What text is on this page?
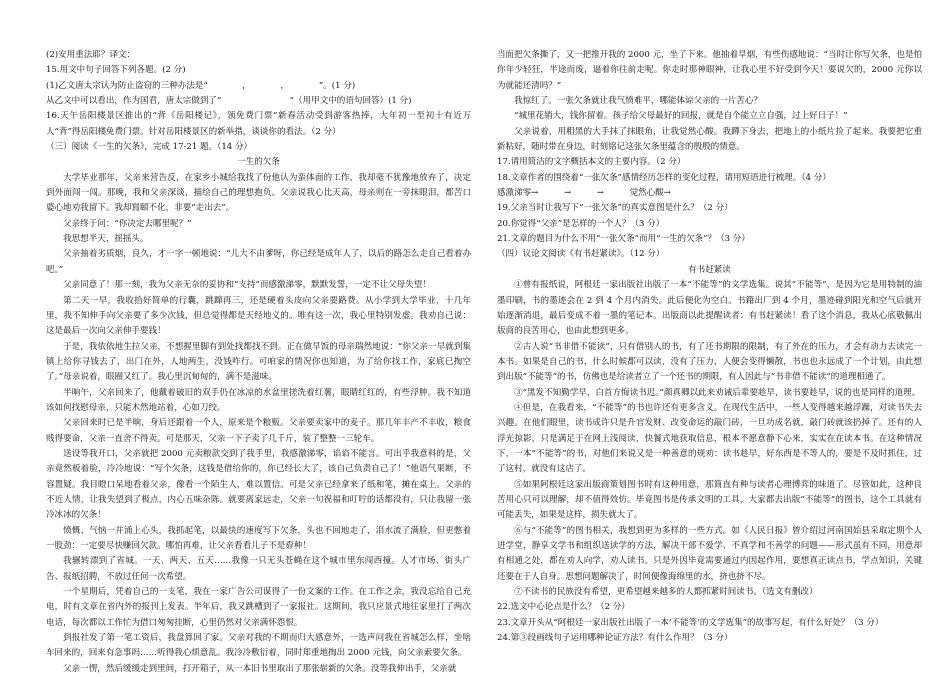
(2)安用重法耶？译文：

15.用文中句子回答下列各题。(2 分)

(1)乙文唐太宗认为防止盗窃的三种办法是“　　　　，　　　　，　　　　”。(1 分)

从乙文中可以看出，作为国君，唐太宗做到了“　　　　　　　　”（用甲文中的语句回答）(1 分)

16.天午岳阳楼景区推出的“背《岳阳楼记》，领免费门票”新春活动受到游客热捧，大年初一至初十有近万人“背”得岳阳楼免费门票。针对岳阳楼景区的新举措，谈谈你的看法。（2 分）

（三）阅读《一生的欠条》，完成 17-21 题。（14 分）

一生的欠条

大学毕业那年，父亲来营告反，在家乡小城给我找了份他认为蛮体面的工作，我却毫不犹豫地放弃了，决定到外面闯一闯。那晚，我和父亲深谈，描绘自己的理想抱负。父亲说我心比天高，母亲则在一旁抹眼泪，都苦口婆心地劝我留下。我却寫頤不化，非要“走出去”。

父亲终于问：“你决定去哪里呢？”

我思想半天，摇摇头。

父亲抽着劣质烟，良久，才一字一顿地说：“儿大不由爹呀，你已经是成年人了，以后的路怎么走自己看着办吧。”

父亲同意了！那一刻，我为父亲无奈的妥协和“支持”而感激涕零，默默发誓，一定不让父母失望！

第二天一早，我收拾好简单的行囊，跳蹿再三，还是硬着头皮向父亲要路费。从小学到大学毕业，十几年里，我不知伸手向父亲要了多少次钱，但总觉得都是天经地义的。唯有这一次，我心里特别发虚。我劝自己说：这是最后一次向父亲伸手要钱！

于是，我依依地生拉父亲，不想握里脚有到处找都找不到。正在做早饭的母亲瑞然地说：“你父亲一早就到集镇上给你寻钱去了，出门在外，人地两生，没钱咋行。可咱家的情况你也知道，为了给你找工作，家底已掏空了。”母亲说着，眼圈又红了。我心里沉甸甸的，满不是滋味。

半晌午，父亲回来了，他戴着破旧的双手仍在冰凉的水盆里搓洗着红薯，眼睛红红的，有些浮肿。我不知道该如何找慰母亲，只能木然地站着，心如刀绞。

父亲回来时已是半晌，身后还跟着一个人，原来是个粮贩。父亲要卖家中的麦子。那几年丰产不丰收，粮食贱得要命，父亲一直舍不得卖。可是那天，父亲一下子卖了几千斤，装了整整一三轮车。

送设等我开口，父亲就把 2000 元卖粮款交到了我手里，我感激涕零，谄谄不能言。可出乎我意料的是，父亲竟然板着脸，冷冷地说：“写个欠条，这钱是借给你的，你已经长大了，该自己负责自己了！”他语气果断，不容置疑。我目瞪口呆地看着父亲，像看一个陌生人，难以置信。可是父亲已经拿来了纸和笔，摊在桌上。父亲的不近人情，让我失望到了极点，内心五味杂陈。就要离家远走，父亲一句祝福和叮咛的话都没有，只让我留一张冷冰冰的欠条！

愤慨、气恼一并涌上心头，我抓起笔，以最快的速度写下欠条，头也不回地走了，泪水流了满脸，但更憋着一股劲：一定要尽快赚回欠款。哪怕再难，让父亲看看儿子不是孬种！

我辗转漂到了省城。一天、两天、五天……我像一只无头苍蝇在这个城市里东闯西撞。人才市场、街头广告、报纸招聘，不放过任何一次希望。

一个星期后，凭着自己的一支笔，我在一家广告公司谋得了一份文案的工作。在工作之余，我没忘给自己充电，时有文章在省内外的报刊上发表。半年后，我又跳槽到了一家报社。这期间，我只应景式地往家里打了两次电话，每次都以工作忙为借口匆匆挂断，心里仍然对父亲满怀怨恨。

到报社发了第一笔工资后，我盘算回了家。父亲对我的不期而归大感意外，一选声问我在省城怎么样，坐啥车回来的，回来有急事吗……听得我心烦意乱。我冷冷敷衍着，同时郑重地掏出 2000 元钱，向父亲索要欠条。

父亲一愣，然后缓缓走到里间，打开箱子，从一本旧书里取出了那张崭新的欠条。没等我伸出手，父亲就

当面把欠条撕了，又一把推开我的 2000 元，坐了下来。他抽着旱烟，有些伤感地说：“当时让你写欠条，也是怕你年少轻狂，半途而废，逼着你往前走呢。你走时那神眼神，让我心里不好受到今天！要说欠的，2000 元你以为就能还清吗？”

我惊红了。一张欠条就让我气愤难平，哪能体谅父亲的一片苦心？

“城里花销大，钱你留着。孩子给父母最好的回报，就是自个能立立自强，过上好日子！”

父亲说着，用粗黑的大手抹了抹眼角，让我觉然心酸。我蹲下身去，把地上的小纸片捡了起来。我要把它重新粘好，随时带在身边，时刻铭记这张欠条里蕴含的殷殷的情意。

17.请用简洁的文字概括本文的主要内容。（2 分）

18.文章作者的围绕着“一张欠条”感情经历怎样的变化过程，请用短语进行梳理。（4 分）

感激涕零→　　　→　　　→　　　觉然心酸→

19.父亲当时让我写下“一张欠条”的真实意图是什么？（2 分）

20.你觉得“父亲”是怎样的一个人？（3 分）

21.文章的题目为什么不用“一张欠条”而用“一生的欠条”？（3 分）

（四）议论文阅读《有书赶紧读》。（12 分）

有书赶紧读

①曾有报纸说，阿根廷一家出版社出版了一本“不能等”的文学选集。说其“不能等”，是因为它是用特制的油墨印刷，书的墨迹会在 2 到 4 个月内消失。此后便化为空白。书籍出厂到 4 个月，墨迹碰到阳光和空气后就开始逐渐消退，最后变成不着一墨的笔记本。出版商以此提醒读者：有书赶紧读！看了这个消息，我从心底敬佩出版商的良苦用心，也由此想到更多。

②古人说“书非借不能读”，只有借别人的书，有了还书期限的限制，有了外在的压力，才会有动力去读完一本书。如果是自己的书，什么时候都可以读，没有了压力，人便会变得懒散，书也也永远成了一个计划，由此想到出版“不能等”的书，仿佛也是给读者立了一个还书的期限，有人因此与“书非借不能读”的道理相通了。

③“黑发不知勤学早，白首方悔读书迟。”颜真卿以此来劝诫后辈要趁早，读书要趁早，说的也是同样的道理。

④但是，在我看来，“不能等”的书也许还有更多含义。在现代生活中，一些人变得越来越浮躁，对读书失去兴趣。在他们眼里，读书成许只是升官发财、改变命运的敲门砖，一旦功成名就，敲门砖就该扔掉了。还有的人浮光掠影，只是满足于在网上浅阅读，快餐式地获取信息，根本不愿意静下心来，实实在在读本书。在这种情况下，一本“不能等”的书，对他们来说又是一种善意的规劝：读书趁早，好东西是不等人的，要是不及时抓住，过了这村，就没有这店了。

⑤如果阿根廷这家出版商策划图书时有这种用意，那简直有种与读者心理博弈的味道了。尽管如此，这种良苦用心只可以理解，却不值得效仿。毕竟图书是传承文明的工具，大家都去出版“不能等”的图书，这个工具就有可能丢失，如果是这样，损失就大了。

⑥与“不能等”的图书相关，我想到更为多样的一些方式。如《人民日报》曾介绍过河南国始县采取定期个人进学堂，静享文学书和组织送读学的方法，解决干部不爱学、不真学和不善学的问题——形式虽有不同，用意却有相通之处，都在劝人向学，劝人读书。只是外因毕竟需要通过内因起作用，要想真正读点书，学点知识，关键还要在于人自身。思想问题解决了，时间便像海绵里的水，挤也挤不尽。

⑦不读书的民族没有希望，更希望越来越多的人都抓紧时间读书。（选文有删改）

22.选文中心论点是什么？（2 分）

23.文章开头从“阿根廷一家出版社出版了一本‘不能等’的文学选集”的故事写起，有什么好处？（3 分）

24.第③段画线句子运用哪种论证方法？有什么作用？（3 分）
